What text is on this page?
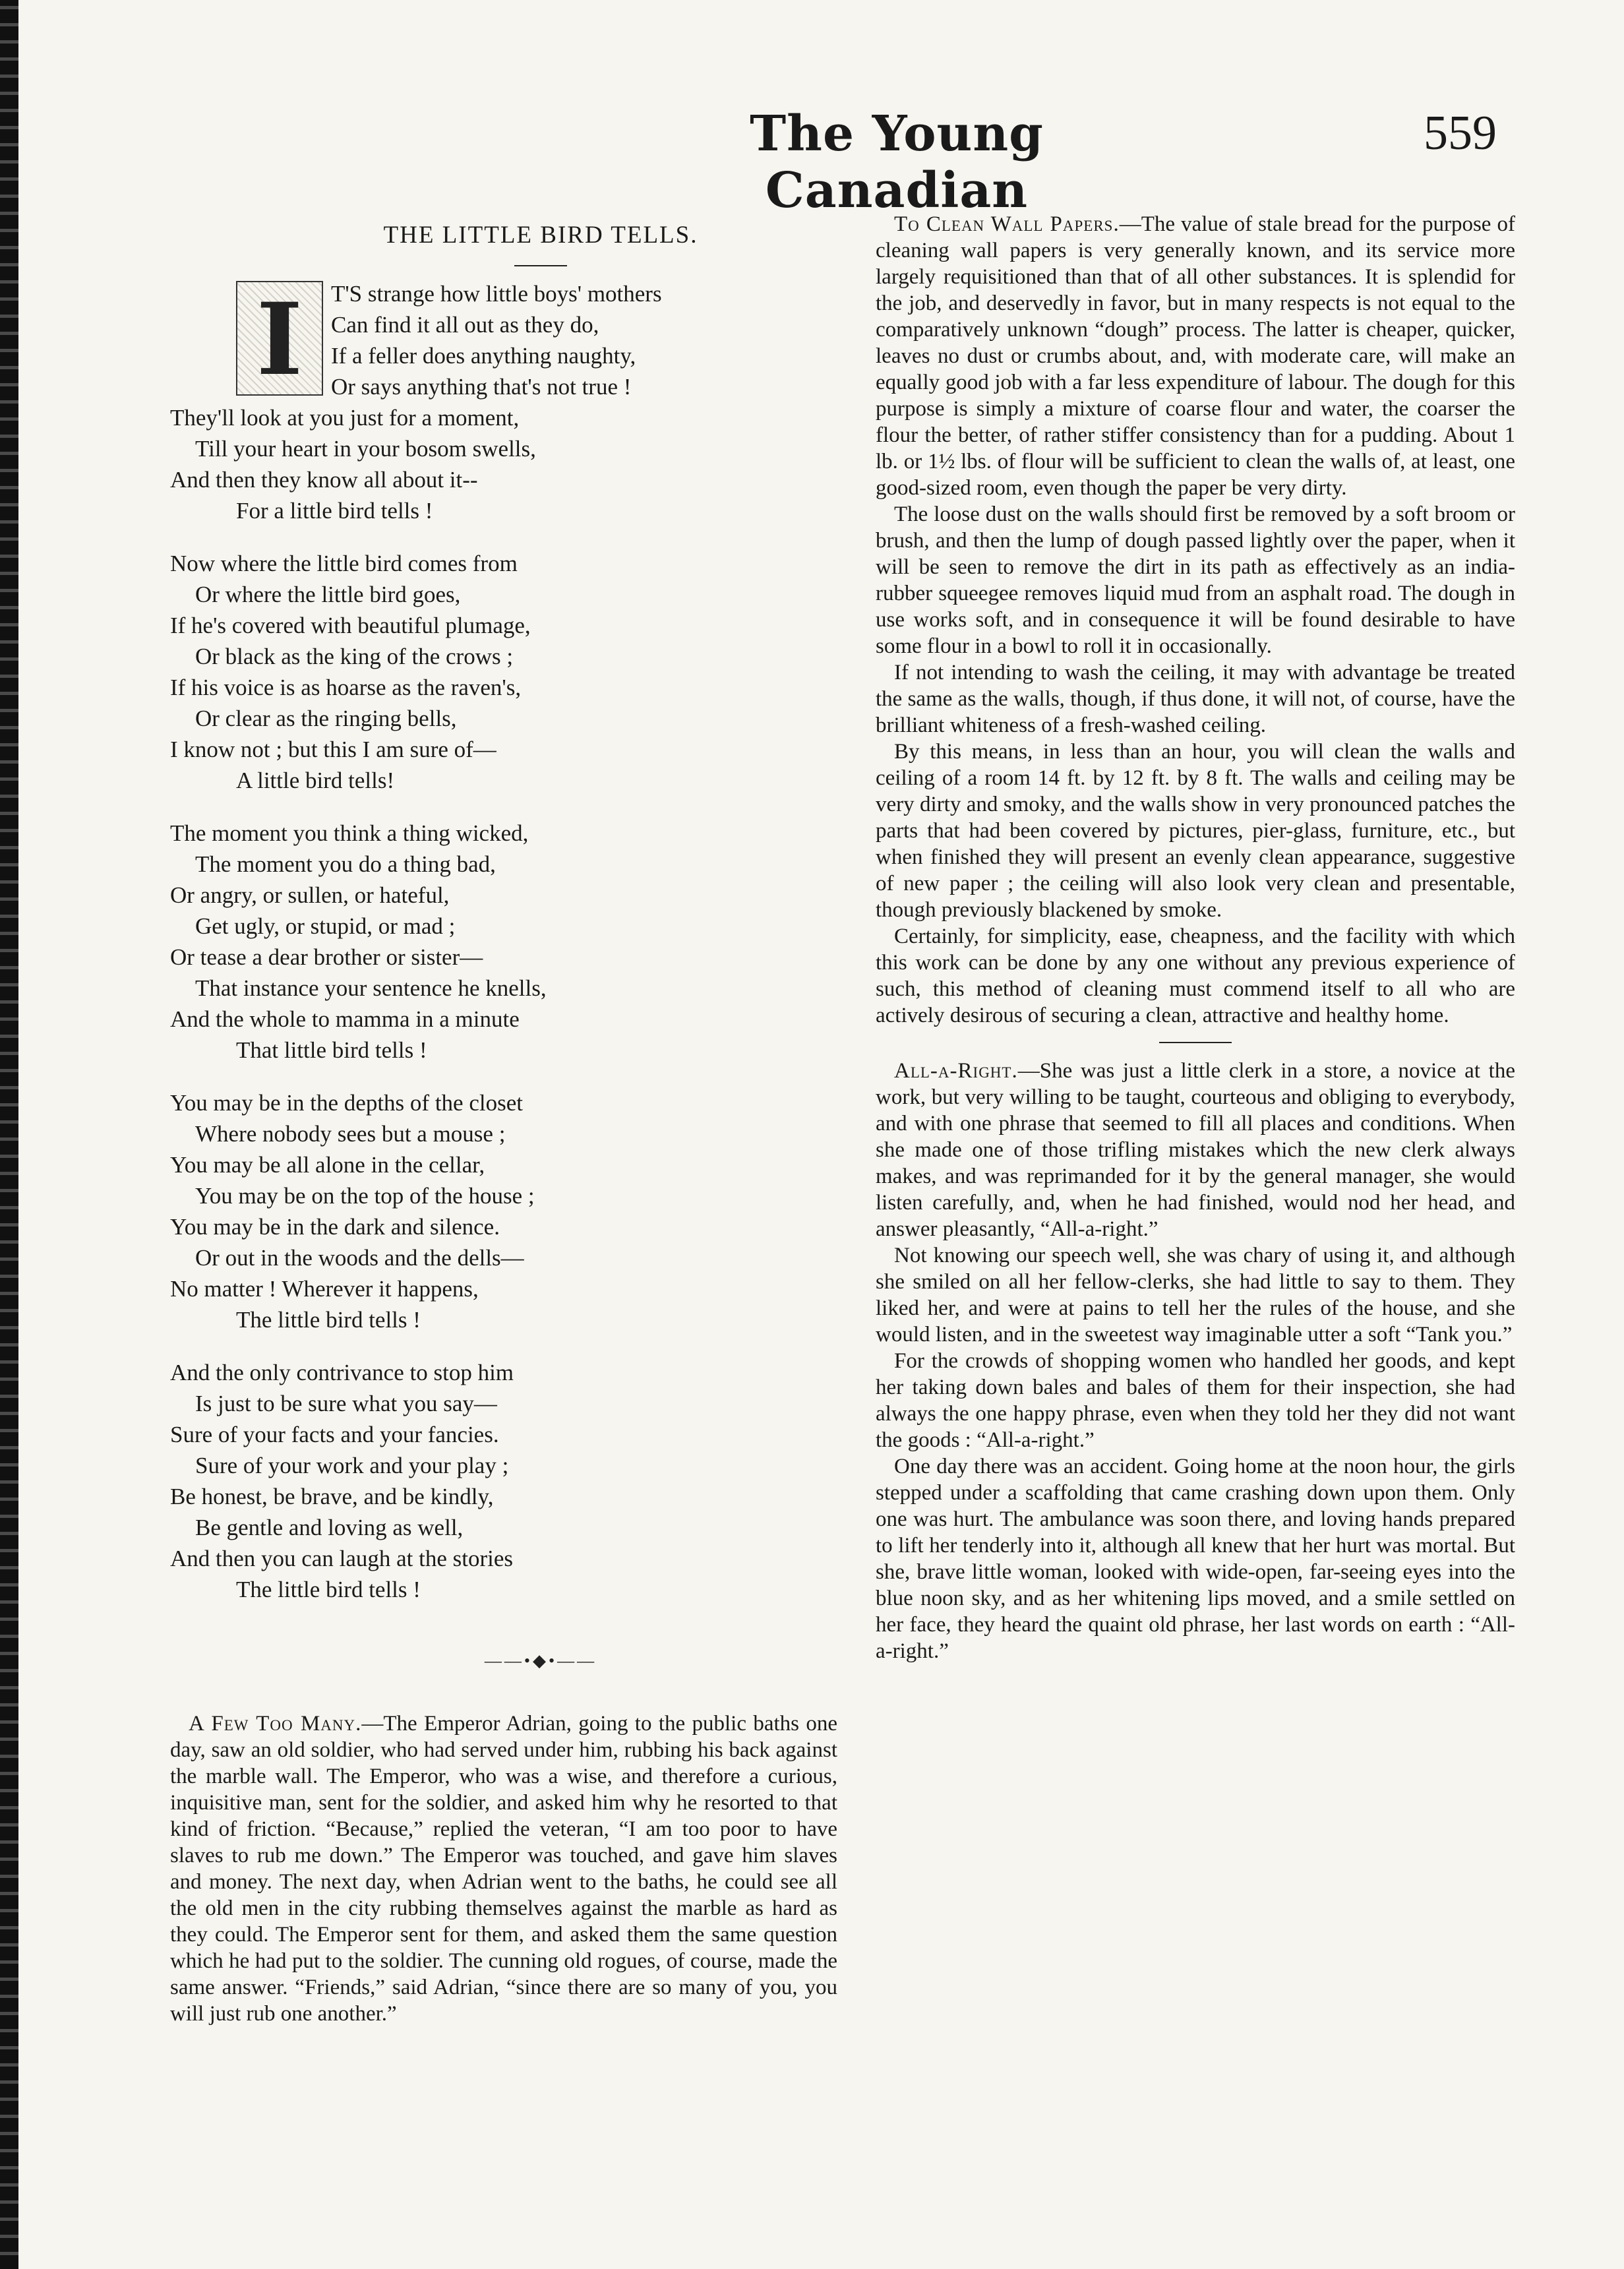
The Young Canadian
559
THE LITTLE BIRD TELLS.
I	T'S strange how little boys' mothers
Can find it all out as they do,
If a feller does anything naughty,
Or says anything that's not true !
They'll look at you just for a moment,
Till your heart in your bosom swells,
And then they know all about it--
For a little bird tells !
Now where the little bird comes from
Or where the little bird goes,
If he's covered with beautiful plumage,
Or black as the king of the crows ;
If his voice is as hoarse as the raven's,
Or clear as the ringing bells,
I know not ; but this I am sure of—
A little bird tells!
The moment you think a thing wicked,
The moment you do a thing bad,
Or angry, or sullen, or hateful,
Get ugly, or stupid, or mad ;
Or tease a dear brother or sister—
That instance your sentence he knells,
And the whole to mamma in a minute
That little bird tells !
You may be in the depths of the closet
Where nobody sees but a mouse ;
You may be all alone in the cellar,
You may be on the top of the house ;
You may be in the dark and silence.
Or out in the woods and the dells—
No matter ! Wherever it happens,
The little bird tells !
And the only contrivance to stop him
Is just to be sure what you say—
Sure of your facts and your fancies.
Sure of your work and your play ;
Be honest, be brave, and be kindly,
Be gentle and loving as well,
And then you can laugh at the stories
The little bird tells !
——•◆•——

A Few Too Many.—The Emperor Adrian, going to the public baths one day, saw an old soldier, who had served under him, rubbing his back against the marble wall. The Emperor, who was a wise, and therefore a curious, inquisitive man, sent for the soldier, and asked him why he resorted to that kind of friction. “Because,” replied the veteran, “I am too poor to have slaves to rub me down.” The Emperor was touched, and gave him slaves and money. The next day, when Adrian went to the baths, he could see all the old men in the city rubbing themselves against the marble as hard as they could. The Emperor sent for them, and asked them the same question which he had put to the soldier. The cunning old rogues, of course, made the same answer. “Friends,” said Adrian, “since there are so many of you, you will just rub one another.”

To Clean Wall Papers.—The value of stale bread for the purpose of cleaning wall papers is very generally known, and its service more largely requisitioned than that of all other substances. It is splendid for the job, and deservedly in favor, but in many respects is not equal to the comparatively unknown “dough” process. The latter is cheaper, quicker, leaves no dust or crumbs about, and, with moderate care, will make an equally good job with a far less expenditure of labour. The dough for this purpose is simply a mixture of coarse flour and water, the coarser the flour the better, of rather stiffer consistency than for a pudding. About 1 lb. or 1½ lbs. of flour will be sufficient to clean the walls of, at least, one good-sized room, even though the paper be very dirty.

The loose dust on the walls should first be removed by a soft broom or brush, and then the lump of dough passed lightly over the paper, when it will be seen to remove the dirt in its path as effectively as an india-rubber squeegee removes liquid mud from an asphalt road. The dough in use works soft, and in consequence it will be found desirable to have some flour in a bowl to roll it in occasionally.

If not intending to wash the ceiling, it may with advantage be treated the same as the walls, though, if thus done, it will not, of course, have the brilliant whiteness of a fresh-washed ceiling.

By this means, in less than an hour, you will clean the walls and ceiling of a room 14 ft. by 12 ft. by 8 ft. The walls and ceiling may be very dirty and smoky, and the walls show in very pronounced patches the parts that had been covered by pictures, pier-glass, furniture, etc., but when finished they will present an evenly clean appearance, suggestive of new paper ; the ceiling will also look very clean and presentable, though previously blackened by smoke.

Certainly, for simplicity, ease, cheapness, and the facility with which this work can be done by any one without any previous experience of such, this method of cleaning must commend itself to all who are actively desirous of securing a clean, attractive and healthy home.

All-a-Right.—She was just a little clerk in a store, a novice at the work, but very willing to be taught, courteous and obliging to everybody, and with one phrase that seemed to fill all places and conditions. When she made one of those trifling mistakes which the new clerk always makes, and was reprimanded for it by the general manager, she would listen carefully, and, when he had finished, would nod her head, and answer pleasantly, “All-a-right.”

Not knowing our speech well, she was chary of using it, and although she smiled on all her fellow-clerks, she had little to say to them. They liked her, and were at pains to tell her the rules of the house, and she would listen, and in the sweetest way imaginable utter a soft “Tank you.”

For the crowds of shopping women who handled her goods, and kept her taking down bales and bales of them for their inspection, she had always the one happy phrase, even when they told her they did not want the goods : “All-a-right.”

One day there was an accident. Going home at the noon hour, the girls stepped under a scaffolding that came crashing down upon them. Only one was hurt. The ambulance was soon there, and loving hands prepared to lift her tenderly into it, although all knew that her hurt was mortal. But she, brave little woman, looked with wide-open, far-seeing eyes into the blue noon sky, and as her whitening lips moved, and a smile settled on her face, they heard the quaint old phrase, her last words on earth : “All-a-right.”
